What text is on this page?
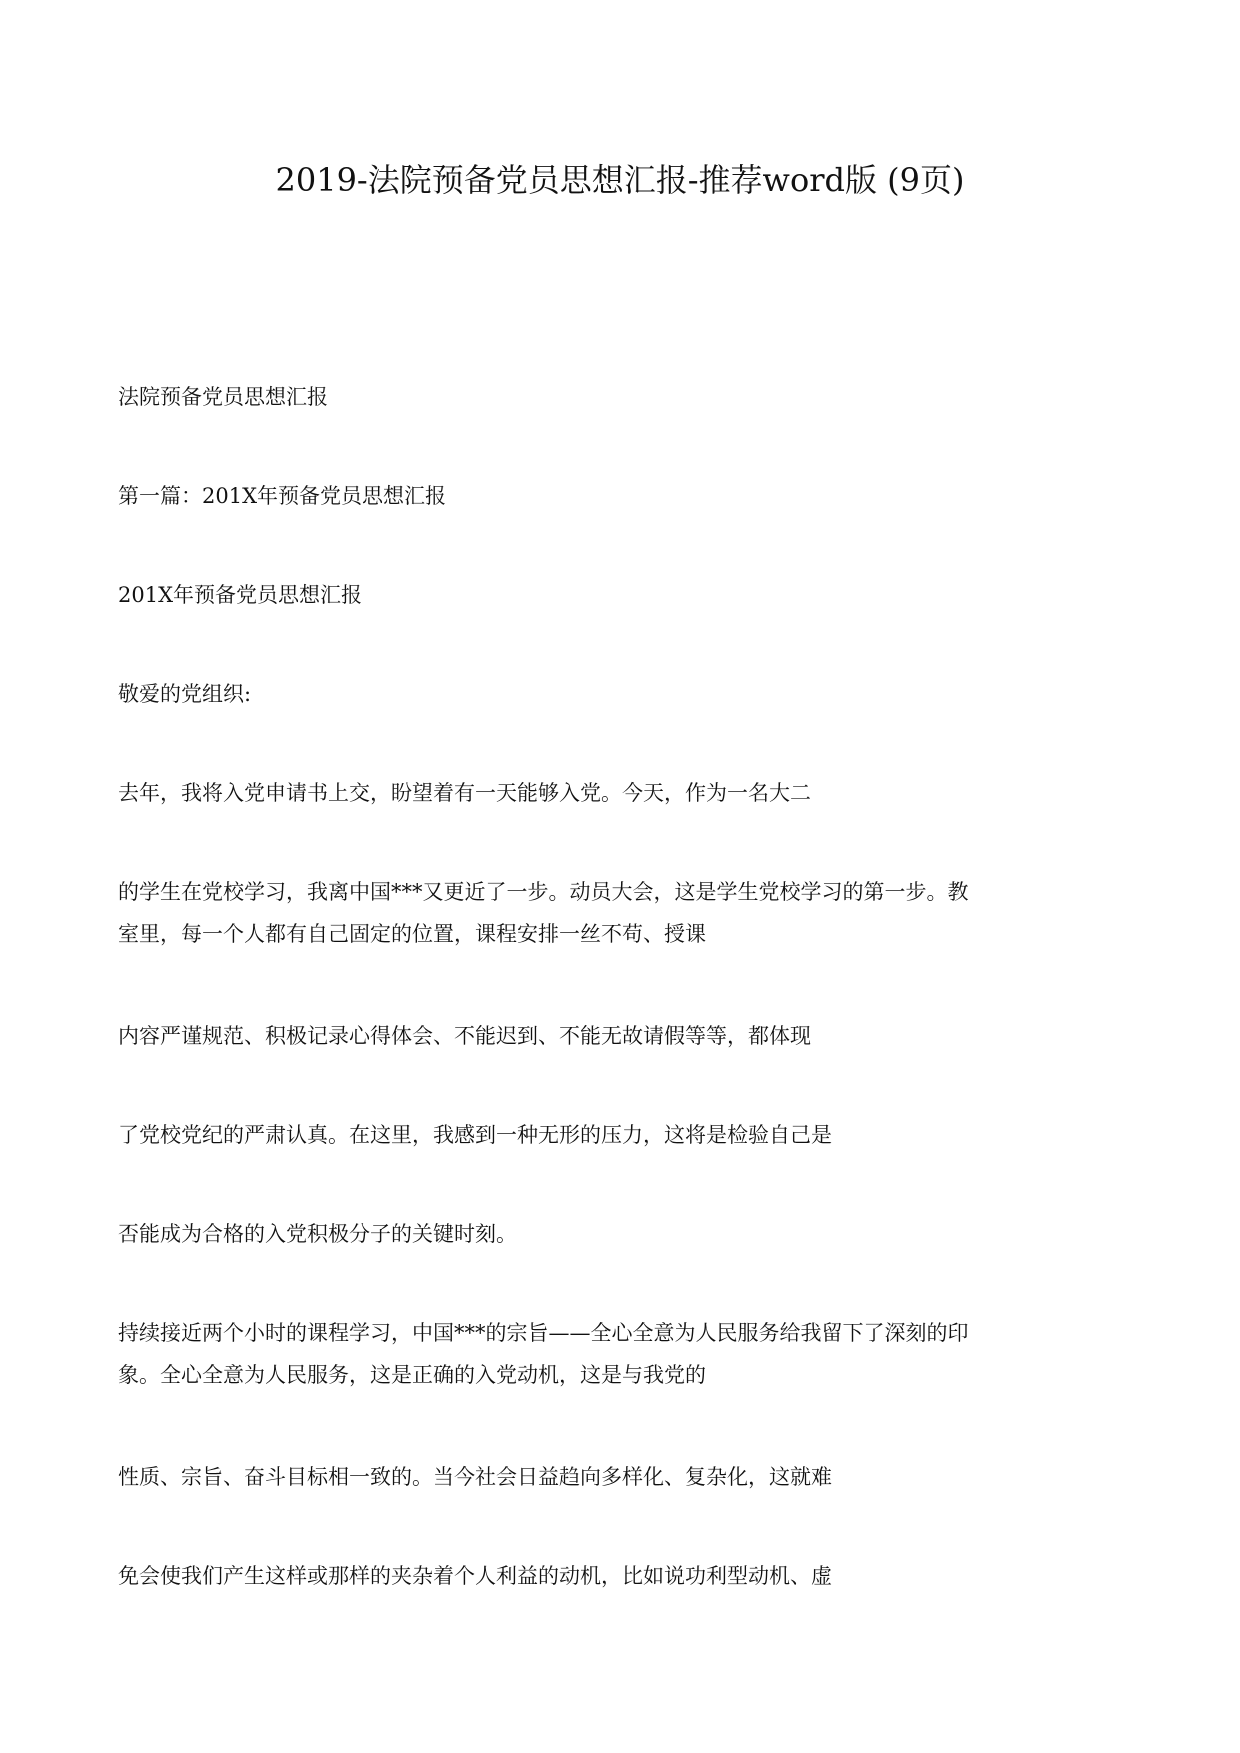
2019-法院预备党员思想汇报-推荐word版 (9页)

法院预备党员思想汇报

第一篇：201X年预备党员思想汇报

201X年预备党员思想汇报

敬爱的党组织:

去年，我将入党申请书上交，盼望着有一天能够入党。今天，作为一名大二

的学生在党校学习，我离中国***又更近了一步。动员大会，这是学生党校学习的第一步。教
室里，每一个人都有自己固定的位置，课程安排一丝不苟、授课

内容严谨规范、积极记录心得体会、不能迟到、不能无故请假等等，都体现

了党校党纪的严肃认真。在这里，我感到一种无形的压力，这将是检验自己是

否能成为合格的入党积极分子的关键时刻。

持续接近两个小时的课程学习，中国***的宗旨——全心全意为人民服务给我留下了深刻的印
象。全心全意为人民服务，这是正确的入党动机，这是与我党的

性质、宗旨、奋斗目标相一致的。当今社会日益趋向多样化、复杂化，这就难

免会使我们产生这样或那样的夹杂着个人利益的动机，比如说功利型动机、虚
